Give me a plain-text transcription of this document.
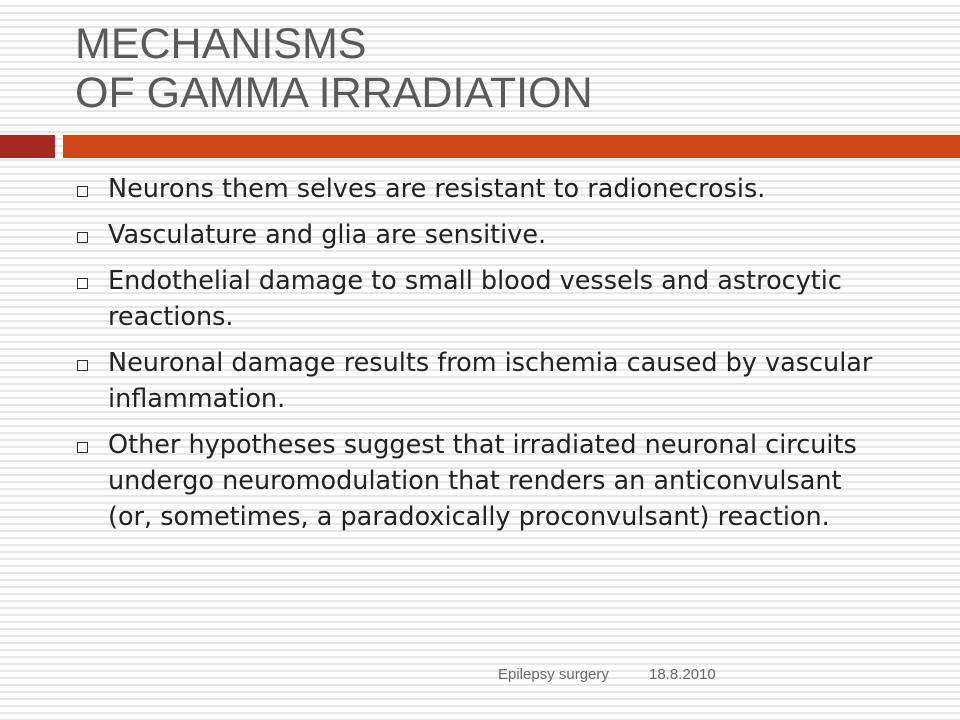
MECHANISMS
OF GAMMA IRRADIATION
Neurons them selves are resistant to radionecrosis.
Vasculature and glia are sensitive.
Endothelial damage to small blood vessels and astrocytic reactions.
Neuronal damage results from ischemia caused by vascular inflammation.
Other hypotheses suggest that irradiated neuronal circuits undergo neuromodulation that renders an anticonvulsant (or, sometimes, a paradoxically proconvulsant) reaction.
Epilepsy surgery	18.8.2010
